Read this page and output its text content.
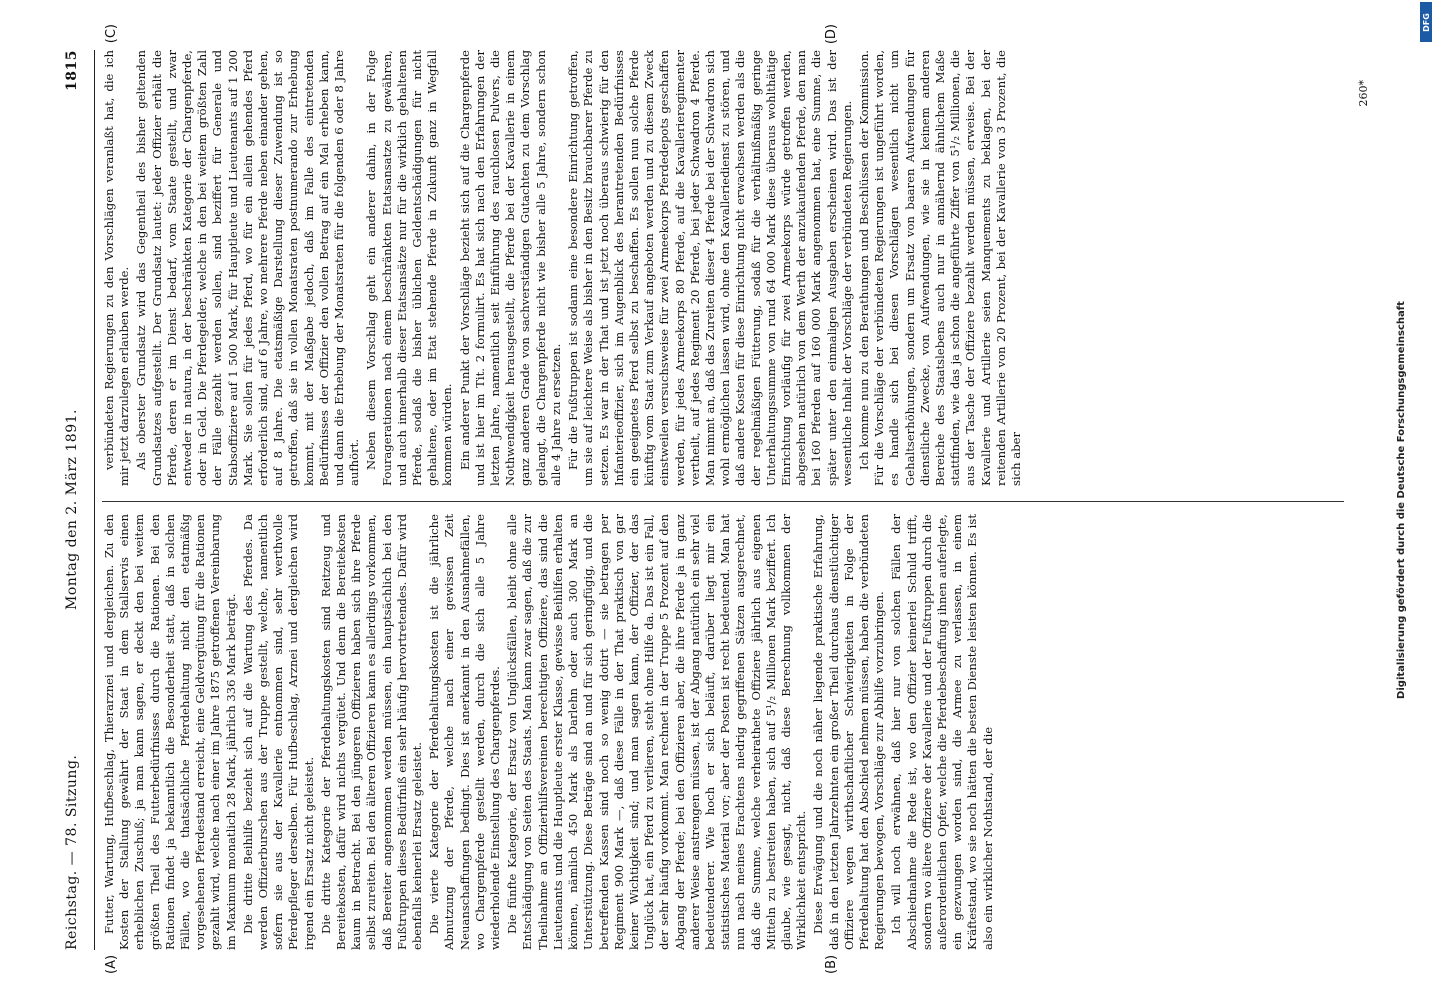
Reichstag. — 78. Sitzung.
Montag den 2. März 1891.
1815
(A)	(B)
(C)	(D)

Futter, Wartung, Hufbeschlag, Thierarznei und dergleichen. Zu den Kosten der Stallung gewährt der Staat in dem Stallservis einen erheblichen Zuschuß; ja man kann sagen, er deckt den bei weitem größten Theil des Futterbedürfnisses durch die Rationen. Bei den Rationen findet ja bekanntlich die Besonderheit statt, daß in solchen Fällen, wo die thatsächliche Pferdehaltung nicht den etatmäßig vorgesehenen Pferdestand erreicht, eine Geldvergütung für die Rationen gezahlt wird, welche nach einer im Jahre 1875 getroffenen Vereinbarung im Maximum monatlich 28 Mark, jährlich 336 Mark beträgt. Die dritte Beihilfe bezieht sich auf die Wartung des Pferdes. Da werden Offizierburschen aus der Truppe gestellt, welche, namentlich sofern sie aus der Kavallerie entnommen sind, sehr werthvolle Pferdepfleger derselben. Für Hufbeschlag, Arznei und dergleichen wird irgend ein Ersatz nicht geleistet. Die dritte Kategorie der Pferdehaltungskosten sind Reitzeug und Bereitekosten, dafür wird nichts vergütet. Und denn die Bereitekosten kaum in Betracht. Bei den jüngeren Offizieren haben sich ihre Pferde selbst zureiten. Bei den älteren Offizieren kann es allerdings vorkommen, daß Bereiter angenommen werden müssen, ein hauptsächlich bei den Fußtruppen dieses Bedürfniß ein sehr häufig hervortretendes. Dafür wird ebenfalls keinerlei Ersatz geleistet. Die vierte Kategorie der Pferdehaltungskosten ist die jährliche Abnutzung der Pferde, welche nach einer gewissen Zeit Neuanschaffungen bedingt. Dies ist anerkannt in den Ausnahmefällen, wo Chargenpferde gestellt werden, durch die sich alle 5 Jahre wiederholende Einstellung des Chargenpferdes. Die fünfte Kategorie, der Ersatz von Unglücksfällen, bleibt ohne alle Entschädigung von Seiten des Staats. Man kann zwar sagen, daß die zur Theilnahme an Offizierhilfsvereinen berechtigten Offiziere, das sind die Lieutenants und die Hauptleute erster Klasse, gewisse Beihilfen erhalten können, nämlich 450 Mark als Darlehn oder auch 300 Mark an Unterstützung. Diese Beträge sind an und für sich geringfügig, und die betreffenden Kassen sind noch so wenig dotirt — sie betragen per Regiment 900 Mark —, daß diese Fälle in der That praktisch von gar keiner Wichtigkeit sind; und man sagen kann, der Offizier, der das Unglück hat, ein Pferd zu verlieren, steht ohne Hilfe da. Das ist ein Fall, der sehr häufig vorkommt. Man rechnet in der Truppe 5 Prozent auf den Abgang der Pferde; bei den Offizieren aber, die ihre Pferde ja in ganz anderer Weise anstrengen müssen, ist der Abgang natürlich ein sehr viel bedeutenderer. Wie hoch er sich beläuft, darüber liegt mir ein statistisches Material vor; aber der Posten ist recht bedeutend. Man hat nun nach meines Erachtens niedrig gegriffenen Sätzen ausgerechnet, daß die Summe, welche verheirathete Offiziere jährlich aus eigenen Mitteln zu bestreiten haben, sich auf 5¹/₂ Millionen Mark beziffert. Ich glaube, wie gesagt, nicht, daß diese Berechnung vollkommen der Wirklichkeit entspricht. Diese Erwägung und die noch näher liegende praktische Erfahrung, daß in den letzten Jahrzehnten ein großer Theil durchaus dienstlüchtiger Offiziere wegen wirthschaftlicher Schwierigkeiten in Folge der Pferdehaltung hat den Abschied nehmen müssen, haben die verbündeten Regierungen bewogen, Vorschläge zur Abhilfe vorzubringen. Ich will noch erwähnen, daß hier nur von solchen Fällen der Abschiednahme die Rede ist, wo den Offizier keinerlei Schuld trifft, sondern wo ältere Offiziere der Kavallerie und der Fußtruppen durch die außerordentlichen Opfer, welche die Pferdebeschaffung ihnen auferlegte, ein gezwungen worden sind, die Armee zu verlassen, in einem Kräftestand, wo sie noch hätten die besten Dienste leisten können. Es ist also ein wirklicher Nothstand, der die

verbündeten Regierungen zu den Vorschlägen veranlaßt hat, die ich mir jetzt darzulegen erlauben werde. Als oberster Grundsatz wird das Gegentheil des bisher geltenden Grundsatzes aufgestellt. Der Grundsatz lautet: jeder Offizier erhält die Pferde, deren er im Dienst bedarf, vom Staate gestellt, und zwar entweder in natura, in der beschränkten Kategorie der Chargenpferde, oder in Geld. Die Pferdegelder, welche in den bei weitem größten Zahl der Fälle gezahlt werden sollen, sind beziffert für Generale und Stabsoffiziere auf 1 500 Mark, für Hauptleute und Lieutenants auf 1 200 Mark. Sie sollen für jedes Pferd, wo für ein allein gehendes Pferd erforderlich sind, auf 6 Jahre, wo mehrere Pferde neben einander gehen, auf 8 Jahre. Die etatsmäßige Darstellung dieser Zuwendung ist so getroffen, daß sie in vollen Monatsraten postnumerando zur Erhebung kommt, mit der Maßgabe jedoch, daß im Falle des eintretenden Bedürfnisses der Offizier den vollen Betrag auf ein Mal erheben kann, und dann die Erhebung der Monatsraten für die folgenden 6 oder 8 Jahre aufhört. Neben diesem Vorschlag geht ein anderer dahin, in der Folge Fouragerationen nach einem beschränkten Etatsansatze zu gewähren, und auch innerhalb dieser Etatsansätze nur für die wirklich gehaltenen Pferde, sodaß die bisher üblichen Geldentschädigungen für nicht gehaltene, oder im Etat stehende Pferde in Zukunft ganz in Wegfall kommen würden. Ein anderer Punkt der Vorschläge bezieht sich auf die Chargenpferde und ist hier im Tit. 2 formulirt. Es hat sich nach den Erfahrungen der letzten Jahre, namentlich seit Einführung des rauchlosen Pulvers, die Nothwendigkeit herausgestellt, die Pferde bei der Kavallerie in einem ganz anderen Grade von sachverständigen Gutachten zu dem Vorschlag gelangt, die Chargenpferde nicht wie bisher alle 5 Jahre, sondern schon alle 4 Jahre zu ersetzen. Für die Fußtruppen ist sodann eine besondere Einrichtung getroffen, um sie auf leichtere Weise als bisher in den Besitz brauchbarer Pferde zu setzen. Es war in der That und ist jetzt noch überaus schwierig für den Infanterieoffizier, sich im Augenblick des herantretenden Bedürfnisses ein geeignetes Pferd selbst zu beschaffen. Es sollen nun solche Pferde künftig vom Staat zum Verkauf angeboten werden und zu diesem Zweck einstweilen versuchsweise für zwei Armeekorps Pferdedepots geschaffen werden, für jedes Armeekorps 80 Pferde, auf die Kavallerieregimenter vertheilt, auf jedes Regiment 20 Pferde, bei jeder Schwadron 4 Pferde. Man nimmt an, daß das Zureiten dieser 4 Pferde bei der Schwadron sich wohl ermöglichen lassen wird, ohne den Kavalleriedienst zu stören, und daß andere Kosten für diese Einrichtung nicht erwachsen werden als die der regelmäßigen Fütterung, sodaß für die verhältnißmäßig geringe Unterhaltungssumme von rund 64 000 Mark diese überaus wohlthätige Einrichtung vorläufig für zwei Armeekorps würde getroffen werden, abgesehen natürlich von dem Werth der anzukaufenden Pferde, den man bei 160 Pferden auf 160 000 Mark angenommen hat, eine Summe, die später unter den einmaligen Ausgaben erscheinen wird. Das ist der wesentliche Inhalt der Vorschläge der verbündeten Regierungen. Ich komme nun zu den Berathungen und Beschlüssen der Kommission. Für die Vorschläge der verbündeten Regierungen ist ungeführt worden, es handle sich bei diesen Vorschlägen wesentlich nicht um Gehaltserhöhungen, sondern um Ersatz von baaren Aufwendungen für dienstliche Zwecke, von Aufwendungen, wie sie in keinem anderen Bereiche des Staatslebens auch nur in annähernd ähnlichem Maße stattfinden, wie das ja schon die angeführte Ziffer von 5¹/₂ Millionen, die aus der Tasche der Offiziere bezahlt werden müssen, erweise. Bei der Kavallerie und Artillerie seien Manquements zu beklagen, bei der reitenden Artillerie von 20 Prozent, bei der Kavallerie von 3 Prozent, die sich aber

260*
Digitalisierung gefördert durch die Deutsche Forschungsgemeinschaft
DFG
